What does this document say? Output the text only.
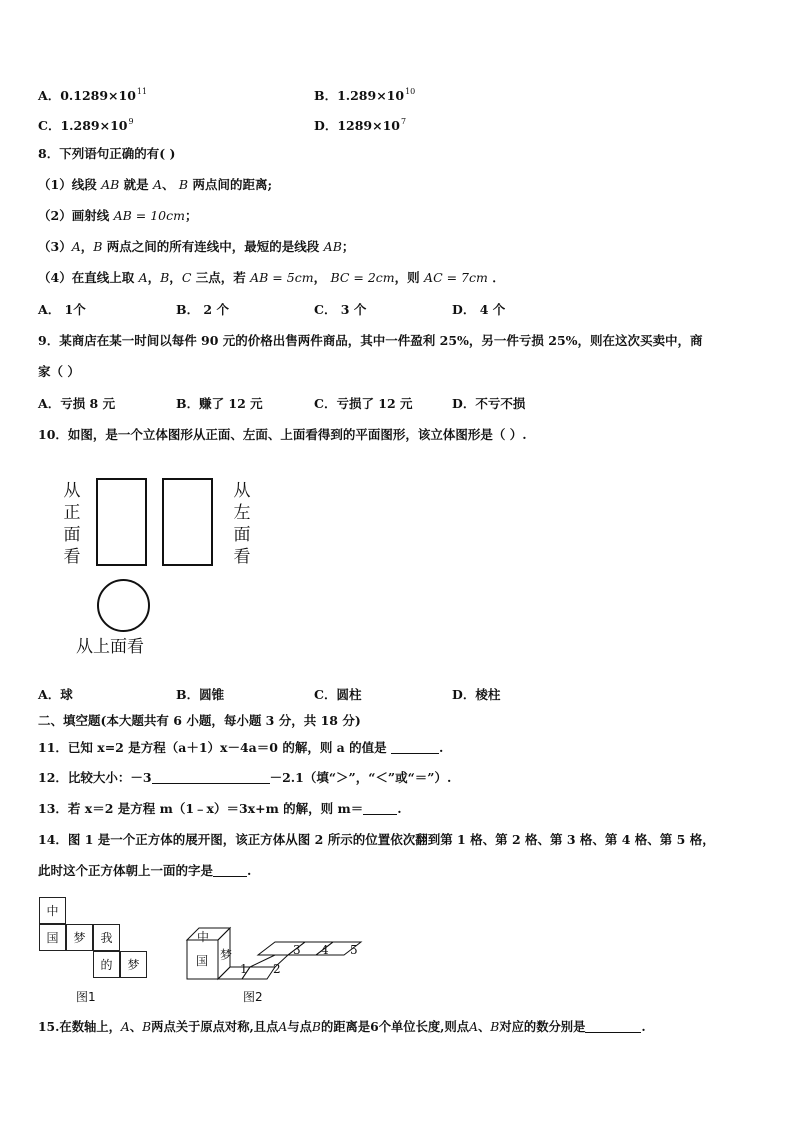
A．$0.1289\times 10^{11}$	B．$1.289\times 10^{10}$
C．$1.289\times 10^9$	D．$1289\times 10^7$
8．下列语句正确的有( )
（1）线段 AB 就是 A、 B 两点间的距离;
（2）画射线 AB = 10cm；
（3）A，B 两点之间的所有连线中，最短的是线段 AB；
（4）在直线上取 A，B，C 三点，若 AB = 5cm， BC = 2cm，则 AC = 7cm ．
A． 1个	B． 2 个	C． 3 个	D． 4 个
9．某商店在某一时间以每件 90 元的价格出售两件商品，其中一件盈利 25%，另一件亏损 25%，则在这次买卖中，商
家（ ）
A．亏损 8 元	B．赚了 12 元	C．亏损了 12 元	D．不亏不损
10．如图，是一个立体图形从正面、左面、上面看得到的平面图形，该立体图形是（ ）.
从
正
面
看
从
左
面
看
从上面看
A．球	B．圆锥	C．圆柱	D．棱柱
二、填空题(本大题共有 6 小题，每小题 3 分，共 18 分)
11．已知 x=2 是方程（a＋1）x－4a＝0 的解，则 a 的值是	.
12．比较大小：－3	－2.1（填“＞”，“＜”或“＝”）.
13．若 x＝2 是方程 m（1﹣x）＝3x+m 的解，则 m＝	.
14．图 1 是一个正方体的展开图，该正方体从图 2 所示的位置依次翻到第 1 格、第 2 格、第 3 格、第 4 格、第 5 格，
此时这个正方体朝上一面的字是	.
中
国	梦	我
的	梦
图1
中
国 梦
1 2
3 4 5
图2
15.在数轴上，A、B两点关于原点对称,且点A与点B的距离是6个单位长度,则点A、B对应的数分别是	.
